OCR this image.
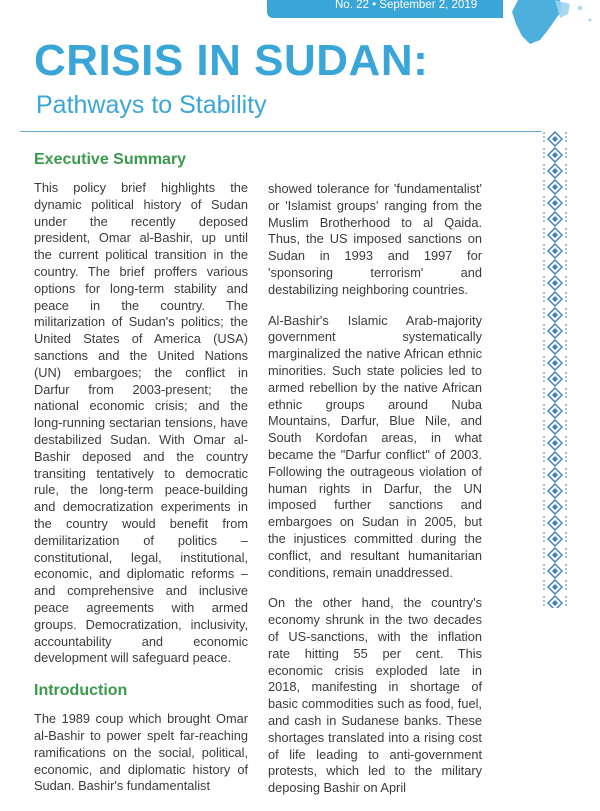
No. 22 • September 2, 2019
CRISIS IN SUDAN:
Pathways to Stability
Executive Summary

This policy brief highlights the dynamic political history of Sudan under the recently deposed president, Omar al-Bashir, up until the current political transition in the country. The brief proffers various options for long-term stability and peace in the country. The militarization of Sudan's politics; the United States of America (USA) sanctions and the United Nations (UN) embargoes; the conflict in Darfur from 2003-present; the national economic crisis; and the long-running sectarian tensions, have destabilized Sudan. With Omar al-Bashir deposed and the country transiting tentatively to democratic rule, the long-term peace-building and democratization experiments in the country would benefit from demilitarization of politics – constitutional, legal, institutional, economic, and diplomatic reforms – and comprehensive and inclusive peace agreements with armed groups. Democratization, inclusivity, accountability and economic development will safeguard peace.

Introduction

The 1989 coup which brought Omar al-Bashir to power spelt far-reaching ramifications on the social, political, economic, and diplomatic history of Sudan. Bashir's fundamentalist

showed tolerance for 'fundamentalist' or 'Islamist groups' ranging from the Muslim Brotherhood to al Qaida. Thus, the US imposed sanctions on Sudan in 1993 and 1997 for 'sponsoring terrorism' and destabilizing neighboring countries.

Al-Bashir's Islamic Arab-majority government systematically marginalized the native African ethnic minorities. Such state policies led to armed rebellion by the native African ethnic groups around Nuba Mountains, Darfur, Blue Nile, and South Kordofan areas, in what became the "Darfur conflict" of 2003. Following the outrageous violation of human rights in Darfur, the UN imposed further sanctions and embargoes on Sudan in 2005, but the injustices committed during the conflict, and resultant humanitarian conditions, remain unaddressed.

On the other hand, the country's economy shrunk in the two decades of US-sanctions, with the inflation rate hitting 55 per cent. This economic crisis exploded late in 2018, manifesting in shortage of basic commodities such as food, fuel, and cash in Sudanese banks. These shortages translated into a rising cost of life leading to anti-government protests, which led to the military deposing Bashir on April
